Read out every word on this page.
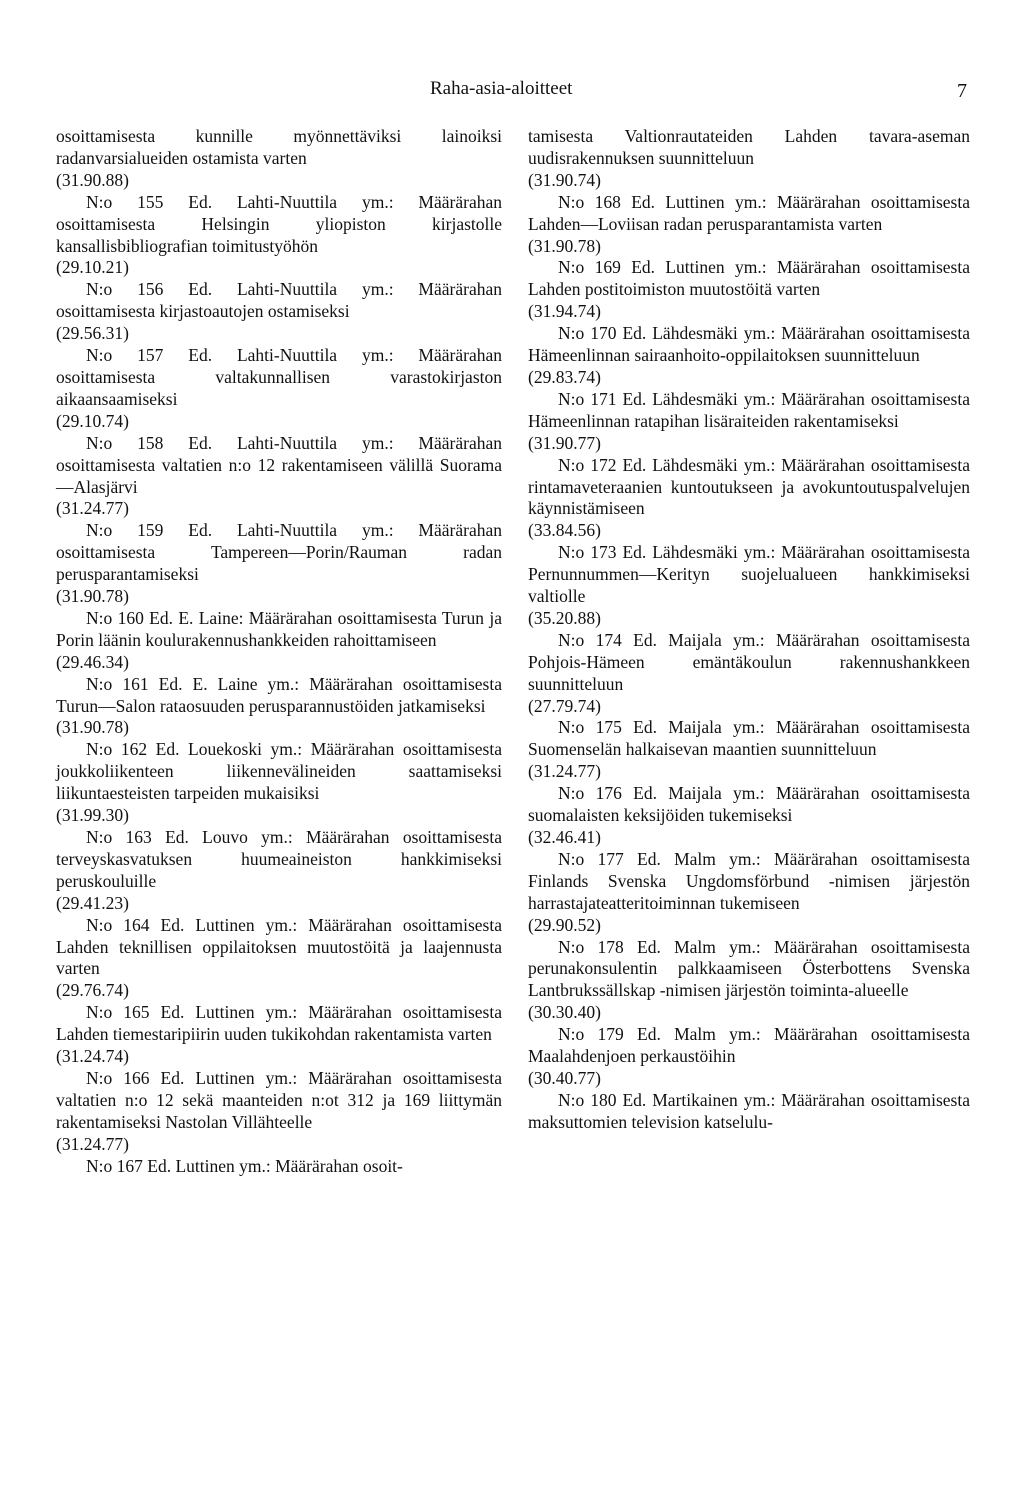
Raha-asia-aloitteet	7

osoittamisesta kunnille myönnettäviksi lainoiksi radanvarsialueiden ostamista varten

(31.90.88)

N:o 155 Ed. Lahti-Nuuttila ym.: Määrärahan osoittamisesta Helsingin yliopiston kirjastolle kansallisbibliografian toimitustyöhön

(29.10.21)

N:o 156 Ed. Lahti-Nuuttila ym.: Määrärahan osoittamisesta kirjastoautojen ostamiseksi

(29.56.31)

N:o 157 Ed. Lahti-Nuuttila ym.: Määrärahan osoittamisesta valtakunnallisen varastokirjaston aikaansaamiseksi

(29.10.74)

N:o 158 Ed. Lahti-Nuuttila ym.: Määrärahan osoittamisesta valtatien n:o 12 rakentamiseen välillä Suorama—Alasjärvi

(31.24.77)

N:o 159 Ed. Lahti-Nuuttila ym.: Määrärahan osoittamisesta Tampereen—Porin/Rauman radan perusparantamiseksi

(31.90.78)

N:o 160 Ed. E. Laine: Määrärahan osoittamisesta Turun ja Porin läänin koulurakennushankkeiden rahoittamiseen

(29.46.34)

N:o 161 Ed. E. Laine ym.: Määrärahan osoittamisesta Turun—Salon rataosuuden perusparannustöiden jatkamiseksi

(31.90.78)

N:o 162 Ed. Louekoski ym.: Määrärahan osoittamisesta joukkoliikenteen liikennevälineiden saattamiseksi liikuntaesteisten tarpeiden mukaisiksi

(31.99.30)

N:o 163 Ed. Louvo ym.: Määrärahan osoittamisesta terveyskasvatuksen huumeaineiston hankkimiseksi peruskouluille

(29.41.23)

N:o 164 Ed. Luttinen ym.: Määrärahan osoittamisesta Lahden teknillisen oppilaitoksen muutostöitä ja laajennusta varten

(29.76.74)

N:o 165 Ed. Luttinen ym.: Määrärahan osoittamisesta Lahden tiemestaripiirin uuden tukikohdan rakentamista varten

(31.24.74)

N:o 166 Ed. Luttinen ym.: Määrärahan osoittamisesta valtatien n:o 12 sekä maanteiden n:ot 312 ja 169 liittymän rakentamiseksi Nastolan Villähteelle

(31.24.77)

N:o 167 Ed. Luttinen ym.: Määrärahan osoit-

tamisesta Valtionrautateiden Lahden tavara-aseman uudisrakennuksen suunnitteluun

(31.90.74)

N:o 168 Ed. Luttinen ym.: Määrärahan osoittamisesta Lahden—Loviisan radan perusparantamista varten

(31.90.78)

N:o 169 Ed. Luttinen ym.: Määrärahan osoittamisesta Lahden postitoimiston muutostöitä varten

(31.94.74)

N:o 170 Ed. Lähdesmäki ym.: Määrärahan osoittamisesta Hämeenlinnan sairaanhoito-oppilaitoksen suunnitteluun

(29.83.74)

N:o 171 Ed. Lähdesmäki ym.: Määrärahan osoittamisesta Hämeenlinnan ratapihan lisäraiteiden rakentamiseksi

(31.90.77)

N:o 172 Ed. Lähdesmäki ym.: Määrärahan osoittamisesta rintamaveteraanien kuntoutukseen ja avokuntoutuspalvelujen käynnistämiseen

(33.84.56)

N:o 173 Ed. Lähdesmäki ym.: Määrärahan osoittamisesta Pernunnummen—Kerityn suojelualueen hankkimiseksi valtiolle

(35.20.88)

N:o 174 Ed. Maijala ym.: Määrärahan osoittamisesta Pohjois-Hämeen emäntäkoulun rakennushankkeen suunnitteluun

(27.79.74)

N:o 175 Ed. Maijala ym.: Määrärahan osoittamisesta Suomenselän halkaisevan maantien suunnitteluun

(31.24.77)

N:o 176 Ed. Maijala ym.: Määrärahan osoittamisesta suomalaisten keksijöiden tukemiseksi

(32.46.41)

N:o 177 Ed. Malm ym.: Määrärahan osoittamisesta Finlands Svenska Ungdomsförbund -nimisen järjestön harrastajateatteritoiminnan tukemiseen

(29.90.52)

N:o 178 Ed. Malm ym.: Määrärahan osoittamisesta perunakonsulentin palkkaamiseen Österbottens Svenska Lantbrukssällskap -nimisen järjestön toiminta-alueelle

(30.30.40)

N:o 179 Ed. Malm ym.: Määrärahan osoittamisesta Maalahdenjoen perkaustöihin

(30.40.77)

N:o 180 Ed. Martikainen ym.: Määrärahan osoittamisesta maksuttomien television katselulu-
